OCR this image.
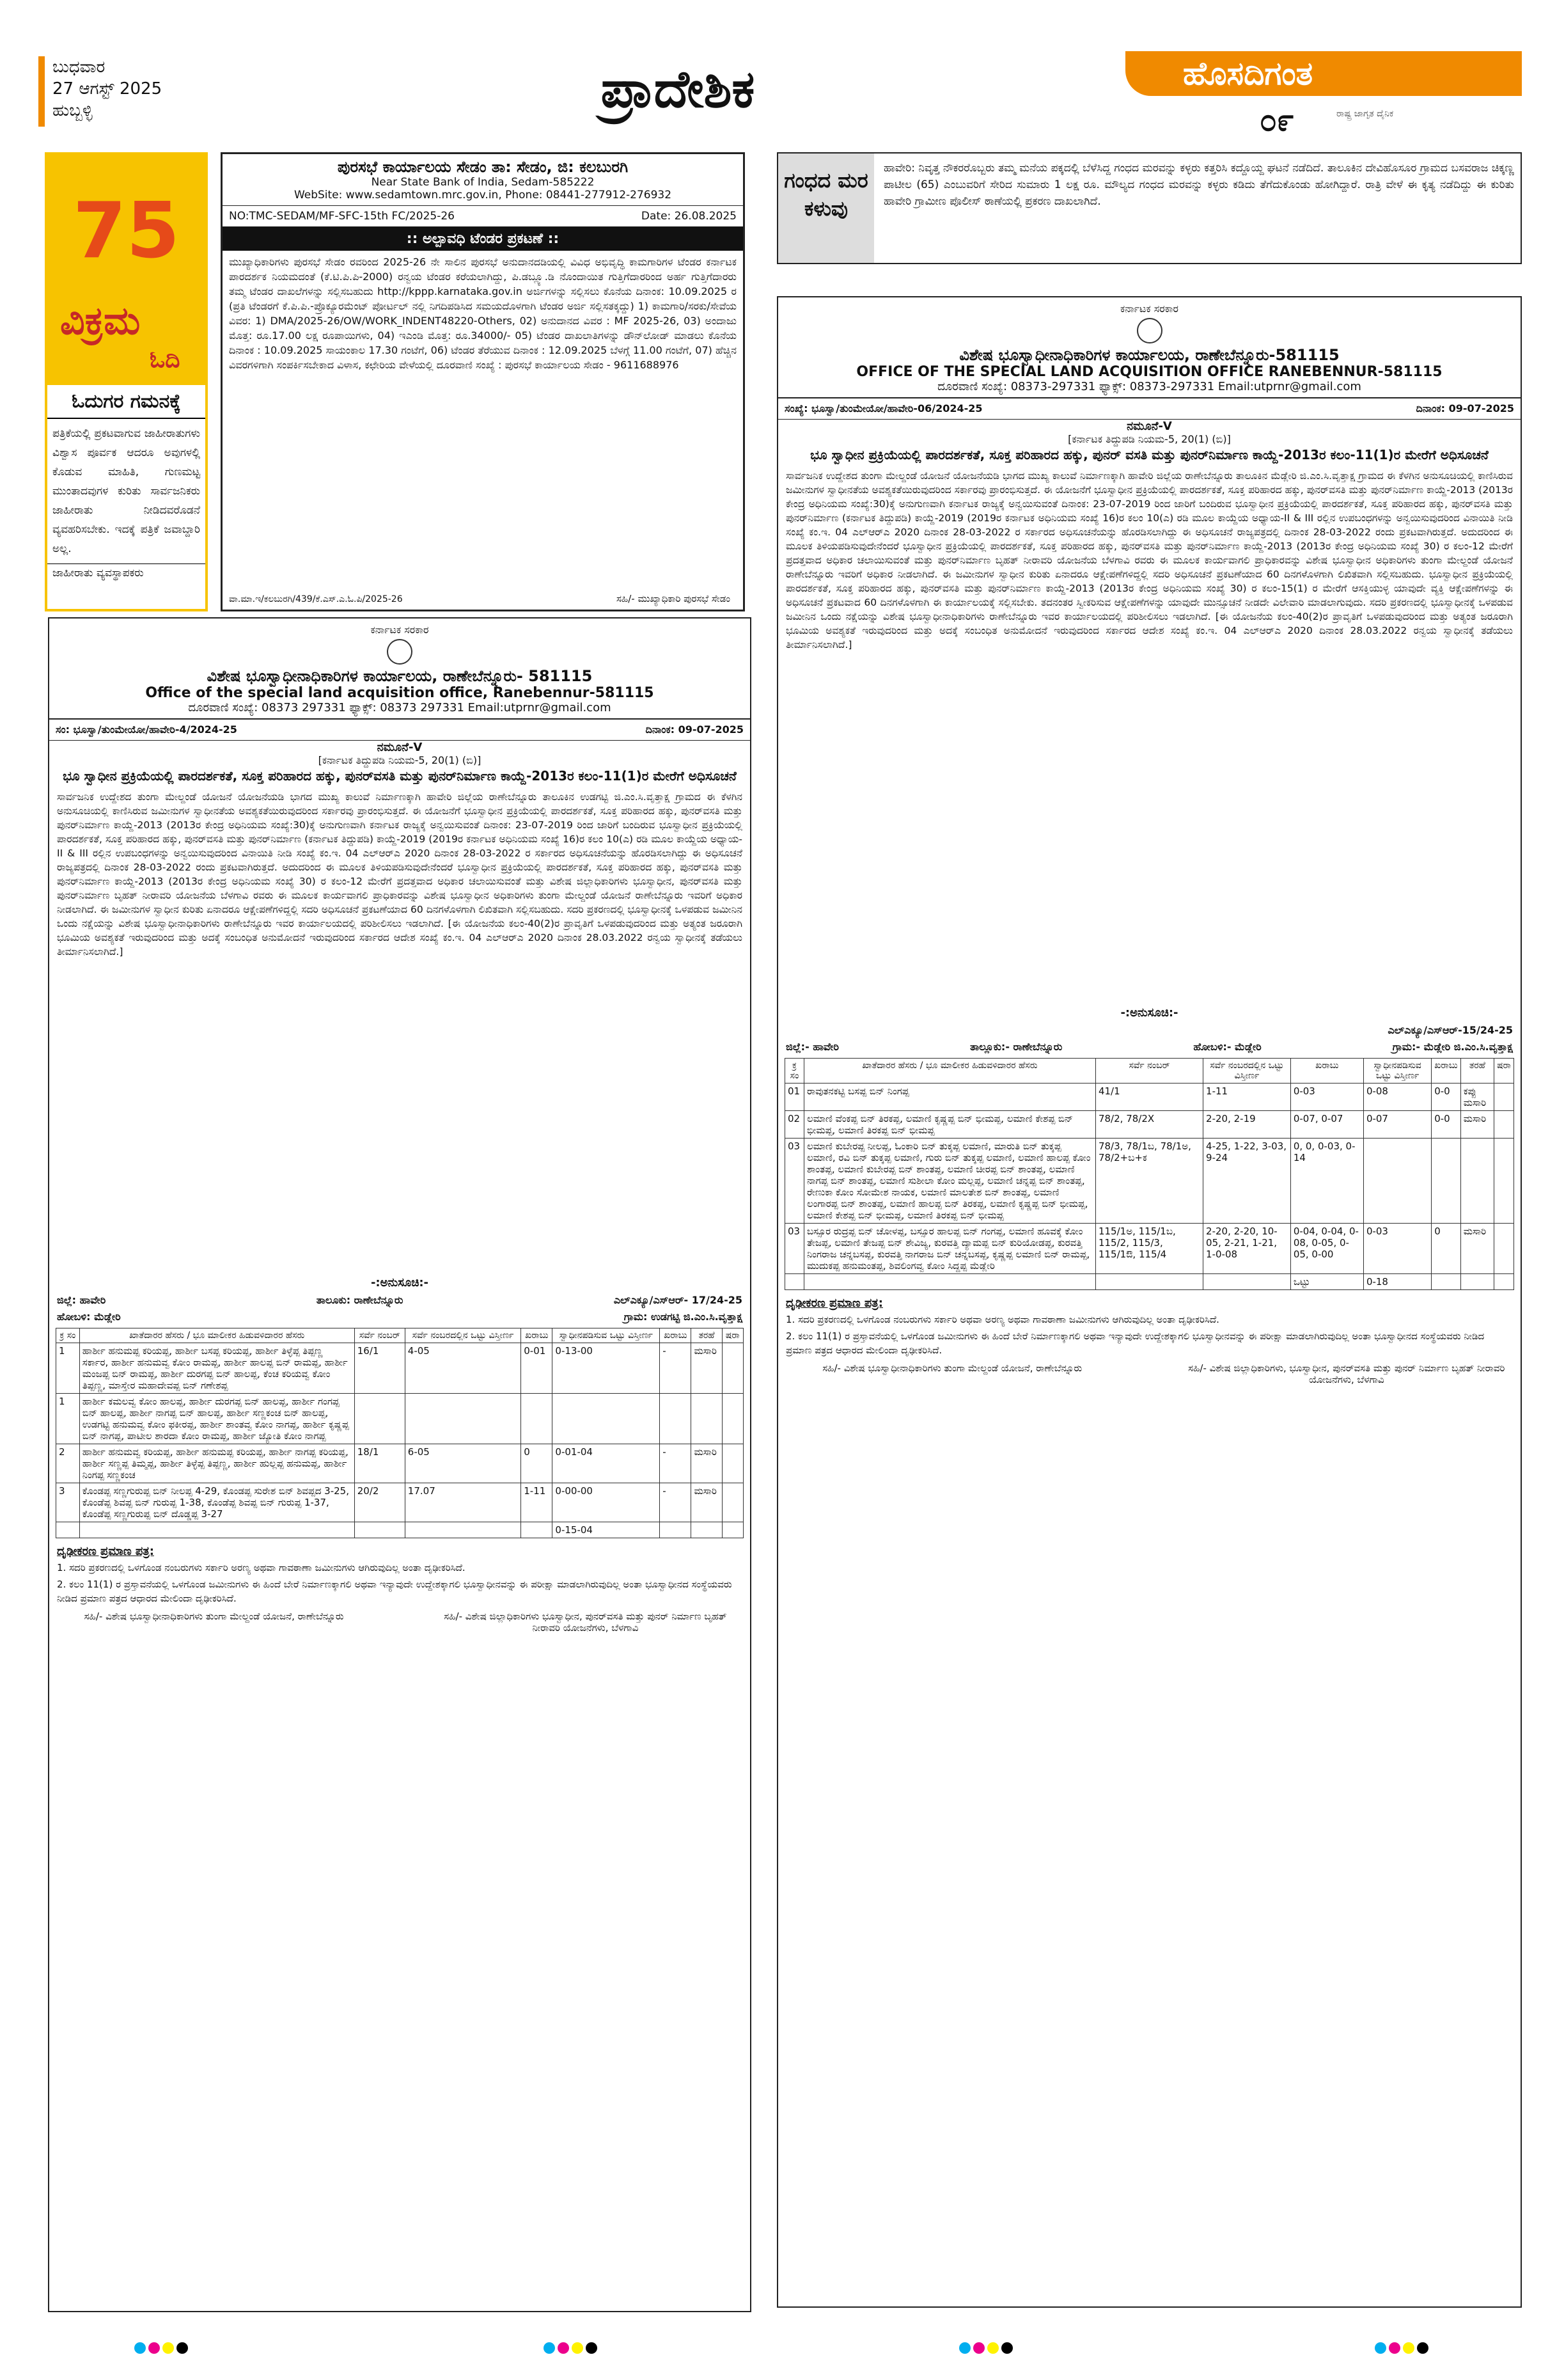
ಬುಧವಾರ
27 ಆಗಸ್ಟ್ 2025
ಹುಬ್ಬಳ್ಳಿ	ಪ್ರಾದೇಶಿಕ	ಹೊಸದಿಗಂತ
೦೯	ರಾಷ್ಟ್ರ ಜಾಗೃತ ದೈನಿಕ
75
ವಿಕ್ರಮ
ಓದಿ
ಓದುಗರ ಗಮನಕ್ಕೆ
ಪತ್ರಿಕೆಯಲ್ಲಿ ಪ್ರಕಟವಾಗುವ ಜಾಹೀರಾತುಗಳು ವಿಶ್ವಾಸ ಪೂರ್ವಕ ಆದರೂ ಅವುಗಳಲ್ಲಿ ಕೊಡುವ ಮಾಹಿತಿ, ಗುಣಮಟ್ಟ ಮುಂತಾದವುಗಳ ಕುರಿತು ಸಾರ್ವಜನಿಕರು ಜಾಹೀರಾತು ನೀಡಿದವರೊಡನೆ ವ್ಯವಹರಿಸಬೇಕು. ಇದಕ್ಕೆ ಪತ್ರಿಕೆ ಜವಾಬ್ದಾರಿ ಅಲ್ಲ.
ಜಾಹೀರಾತು ವ್ಯವಸ್ಥಾಪಕರು
ಪುರಸಭೆ ಕಾರ್ಯಾಲಯ ಸೇಡಂ ತಾ: ಸೇಡಂ, ಜಿ: ಕಲಬುರಗಿ
Near State Bank of India, Sedam-585222
WebSite: www.sedamtown.mrc.gov.in, Phone: 08441-277912-276932
NO:TMC-SEDAM/MF-SFC-15th FC/2025-26	Date: 26.08.2025
:: ಅಲ್ಪಾವಧಿ ಟೆಂಡರ ಪ್ರಕಟಣೆ ::
ಮುಖ್ಯಾಧಿಕಾರಿಗಳು ಪುರಸಭೆ ಸೇಡಂ ರವರಿಂದ 2025-26 ನೇ ಸಾಲಿನ ಪುರಸಭೆ ಅನುದಾನದಡಿಯಲ್ಲಿ ವಿವಿಧ ಅಭಿವೃದ್ಧಿ ಕಾಮಗಾರಿಗಳ ಟೆಂಡರ ಕರ್ನಾಟಕ ಪಾರದರ್ಶಕ ನಿಯಮದಂತೆ (ಕೆ.ಟಿ.ಪಿ.ಪಿ-2000) ರನ್ವಯ ಟೆಂಡರ ಕರೆಯಲಾಗಿದ್ದು, ಪಿ.ಡಬ್ಲ್ಯೂ.ಡಿ ನೊಂದಾಯಿತ ಗುತ್ತಿಗೆದಾರರಿಂದ ಅರ್ಹ ಗುತ್ತಿಗೆದಾರರು ತಮ್ಮ ಟೆಂಡರ ದಾಖಲೆಗಳನ್ನು ಸಲ್ಲಿಸಬಹುದು http://kppp.karnataka.gov.in ಅರ್ಜಿಗಳನ್ನು ಸಲ್ಲಿಸಲು ಕೊನೆಯ ದಿನಾಂಕ: 10.09.2025 ರ (ಪ್ರತಿ ಟೆಂಡರಗೆ ಕೆ.ಪಿ.ಪಿ.-ಪ್ರೊಕ್ಯೂರಮೆಂಟ್ ಪೋರ್ಟಲ್ ನಲ್ಲಿ ನಿಗದಿಪಡಿಸಿದ ಸಮಯದೊಳಗಾಗಿ ಟೆಂಡರ ಅರ್ಜಿ ಸಲ್ಲಿಸತಕ್ಕದ್ದು) 1) ಕಾಮಗಾರಿ/ಸರಕು/ಸೇವೆಯ ವಿವರ: 1) DMA/2025-26/OW/WORK_INDENT48220-Others, 02) ಅನುದಾನದ ವಿವರ : MF 2025-26, 03) ಅಂದಾಜು ಮೊತ್ತ: ರೂ.17.00 ಲಕ್ಷ ರೂಪಾಯಿಗಳು, 04) ಇಎಂಡಿ ಮೊತ್ತ: ರೂ.34000/- 05) ಟೆಂಡರ ದಾಖಲಾತಿಗಳನ್ನು ಡೌನ್‌ಲೋಡ್ ಮಾಡಲು ಕೊನೆಯ ದಿನಾಂಕ : 10.09.2025 ಸಾಯಂಕಾಲ 17.30 ಗಂಟೆಗೆ, 06) ಟೆಂಡರ ತೆರೆಯುವ ದಿನಾಂಕ : 12.09.2025 ಬೆಳಗ್ಗೆ 11.00 ಗಂಟೆಗೆ, 07) ಹೆಚ್ಚಿನ ವಿವರಗಳಿಗಾಗಿ ಸಂಪರ್ಕಿಸಬೇಕಾದ ವಿಳಾಸ, ಕಛೇರಿಯ ವೇಳೆಯಲ್ಲಿ ದೂರವಾಣಿ ಸಂಖ್ಯೆ : ಪುರಸಭೆ ಕಾರ್ಯಾಲಯ ಸೇಡಂ - 9611688976
ವಾ.ಮಾ.ಇ/ಕಲಬುರಗಿ/439/ಕೆ.ಎಸ್.ಎ.ಓ.ಪಿ/2025-26	ಸಹಿ/- ಮುಖ್ಯಾಧಿಕಾರಿ ಪುರಸಭೆ ಸೇಡಂ
ಗಂಧದ ಮರ ಕಳುವು
ಹಾವೇರಿ: ನಿವೃತ್ತ ನೌಕರರೊಬ್ಬರು ತಮ್ಮ ಮನೆಯ ಪಕ್ಕದಲ್ಲಿ ಬೆಳೆಸಿದ್ದ ಗಂಧದ ಮರವನ್ನು ಕಳ್ಳರು ಕತ್ತರಿಸಿ ಕದ್ದೊಯ್ದ ಘಟನೆ ನಡೆದಿದೆ. ತಾಲೂಕಿನ ದೇವಿಹೊಸೂರ ಗ್ರಾಮದ ಬಸವರಾಜ ಚಿಕ್ಕಣ್ಣ ಪಾಟೀಲ (65) ಎಂಬುವರಿಗೆ ಸೇರಿದ ಸುಮಾರು 1 ಲಕ್ಷ ರೂ. ಮೌಲ್ಯದ ಗಂಧದ ಮರವನ್ನು ಕಳ್ಳರು ಕಡಿದು ತೆಗೆದುಕೊಂಡು ಹೋಗಿದ್ದಾರೆ. ರಾತ್ರಿ ವೇಳೆ ಈ ಕೃತ್ಯ ನಡೆದಿದ್ದು ಈ ಕುರಿತು ಹಾವೇರಿ ಗ್ರಾಮೀಣ ಪೊಲೀಸ್ ಠಾಣೆಯಲ್ಲಿ ಪ್ರಕರಣ ದಾಖಲಾಗಿದೆ.
ಕರ್ನಾಟಕ ಸರಕಾರ
ವಿಶೇಷ ಭೂಸ್ವಾಧೀನಾಧಿಕಾರಿಗಳ ಕಾರ್ಯಾಲಯ, ರಾಣೇಬೆನ್ನೂರು-581115
OFFICE OF THE SPECIAL LAND ACQUISITION OFFICE RANEBENNUR-581115
ದೂರವಾಣಿ ಸಂಖ್ಯೆ: 08373-297331 ಫ್ಯಾಕ್ಸ್: 08373-297331 Email:utprnr@gmail.com
ಸಂಖ್ಯೆ: ಭೂಸ್ವಾ/ತುಂಮೇಯೋ/ಹಾವೇರಿ-06/2024-25	ದಿನಾಂಕ: 09-07-2025
ನಮೂನೆ-V
[ಕರ್ನಾಟಕ ತಿದ್ದುಪಡಿ ನಿಯಮ-5, 20(1) (ಬಿ)]
ಭೂ ಸ್ವಾಧೀನ ಪ್ರಕ್ರಿಯೆಯಲ್ಲಿ ಪಾರದರ್ಶಕತೆ, ಸೂಕ್ತ ಪರಿಹಾರದ ಹಕ್ಕು, ಪುನರ್ ವಸತಿ ಮತ್ತು ಪುನರ್‌ನಿರ್ಮಾಣ ಕಾಯ್ದೆ-2013ರ ಕಲಂ-11(1)ರ ಮೇರೆಗೆ ಅಧಿಸೂಚನೆ
ಸಾರ್ವಜನಿಕ ಉದ್ದೇಶದ ತುಂಗಾ ಮೇಲ್ದಂಡೆ ಯೋಜನೆ ಯೋಜನೆಯಡಿ ಭಾಗದ ಮುಖ್ಯ ಕಾಲುವೆ ನಿರ್ಮಾಣಕ್ಕಾಗಿ ಹಾವೇರಿ ಜಿಲ್ಲೆಯ ರಾಣೇಬೆನ್ನೂರು ತಾಲೂಕಿನ ಮೆಡ್ಲೇರಿ ಜಿ.ಎಂ.ಸಿ.ವೃತ್ತಾಕ್ಷ ಗ್ರಾಮದ ಈ ಕೆಳಗಿನ ಅನುಸೂಚಿಯಲ್ಲಿ ಕಾಣಿಸಿರುವ ಜಮೀನುಗಳ ಸ್ವಾಧೀನತೆಯ ಅವಶ್ಯಕತೆಯಿರುವುದರಿಂದ ಸರ್ಕಾರವು ಪ್ರಾರಂಭಿಸುತ್ತದೆ. ಈ ಯೋಜನೆಗೆ ಭೂಸ್ವಾಧೀನ ಪ್ರಕ್ರಿಯೆಯಲ್ಲಿ ಪಾರದರ್ಶಕತೆ, ಸೂಕ್ತ ಪರಿಹಾರದ ಹಕ್ಕು, ಪುನರ್‌ವಸತಿ ಮತ್ತು ಪುನರ್‌ನಿರ್ಮಾಣ ಕಾಯ್ದೆ-2013 (2013ರ ಕೇಂದ್ರ ಅಧಿನಿಯಮ ಸಂಖ್ಯೆ:30)ಕ್ಕೆ ಅನುಗುಣವಾಗಿ ಕರ್ನಾಟಕ ರಾಜ್ಯಕ್ಕೆ ಅನ್ವಯಿಸುವಂತೆ ದಿನಾಂಕ: 23-07-2019 ರಿಂದ ಜಾರಿಗೆ ಬಂದಿರುವ ಭೂಸ್ವಾಧೀನ ಪ್ರಕ್ರಿಯೆಯಲ್ಲಿ ಪಾರದರ್ಶಕತೆ, ಸೂಕ್ತ ಪರಿಹಾರದ ಹಕ್ಕು, ಪುನರ್‌ವಸತಿ ಮತ್ತು ಪುನರ್‌ನಿರ್ಮಾಣ (ಕರ್ನಾಟಕ ತಿದ್ದುಪಡಿ) ಕಾಯ್ದೆ-2019 (2019ರ ಕರ್ನಾಟಕ ಅಧಿನಿಯಮ ಸಂಖ್ಯೆ 16)ರ ಕಲಂ 10(ಎ) ರಡಿ ಮೂಲ ಕಾಯ್ದೆಯ ಅಧ್ಯಾಯ-II & III ರಲ್ಲಿನ ಉಪಬಂಧಗಳನ್ನು ಅನ್ವಯಿಸುವುದರಿಂದ ವಿನಾಯಿತಿ ನೀಡಿ ಸಂಖ್ಯೆ ಕಂ.ಇ. 04 ಎಲ್‌ಆರ್‌ಎ 2020 ದಿನಾಂಕ 28-03-2022 ರ ಸರ್ಕಾರದ ಅಧಿಸೂಚನೆಯನ್ನು ಹೊರಡಿಸಲಾಗಿದ್ದು ಈ ಅಧಿಸೂಚನೆ ರಾಜ್ಯಪತ್ರದಲ್ಲಿ ದಿನಾಂಕ 28-03-2022 ರಂದು ಪ್ರಕಟವಾಗಿರುತ್ತದೆ. ಅದುದರಿಂದ ಈ ಮೂಲಕ ತಿಳಿಯಪಡಿಸುವುದೇನೆಂದರೆ ಭೂಸ್ವಾಧೀನ ಪ್ರಕ್ರಿಯೆಯಲ್ಲಿ ಪಾರದರ್ಶಕತೆ, ಸೂಕ್ತ ಪರಿಹಾರದ ಹಕ್ಕು, ಪುನರ್‌ವಸತಿ ಮತ್ತು ಪುನರ್‌ನಿರ್ಮಾಣ ಕಾಯ್ದೆ-2013 (2013ರ ಕೇಂದ್ರ ಅಧಿನಿಯಮ ಸಂಖ್ಯೆ 30) ರ ಕಲಂ-12 ಮೇರೆಗೆ ಪ್ರದತ್ತವಾದ ಅಧಿಕಾರ ಚಲಾಯಿಸುವಂತೆ ಮತ್ತು ಪುನರ್‌ನಿರ್ಮಾಣ ಬೃಹತ್ ನೀರಾವರಿ ಯೋಜನೆಯ ಬೆಳಗಾವಿ ರವರು ಈ ಮೂಲಕ ಕಾರ್ಯವಾಗಲಿ ಪ್ರಾಧಿಕಾರವನ್ನು ವಿಶೇಷ ಭೂಸ್ವಾಧೀನ ಅಧಿಕಾರಿಗಳು ತುಂಗಾ ಮೇಲ್ದಂಡೆ ಯೋಜನೆ ರಾಣೇಬೆನ್ನೂರು ಇವರಿಗೆ ಅಧಿಕಾರ ನೀಡಲಾಗಿದೆ. ಈ ಜಮೀನುಗಳ ಸ್ವಾಧೀನ ಕುರಿತು ಏನಾದರೂ ಆಕ್ಷೇಪಣೆಗಳಿದ್ದಲ್ಲಿ ಸದರಿ ಅಧಿಸೂಚನೆ ಪ್ರಕಟಣೆಯಾದ 60 ದಿನಗಳೊಳಗಾಗಿ ಲಿಖಿತವಾಗಿ ಸಲ್ಲಿಸಬಹುದು. ಭೂಸ್ವಾಧೀನ ಪ್ರಕ್ರಿಯೆಯಲ್ಲಿ ಪಾರದರ್ಶಕತೆ, ಸೂಕ್ತ ಪರಿಹಾರದ ಹಕ್ಕು, ಪುನರ್‌ವಸತಿ ಮತ್ತು ಪುನರ್‌ನಿರ್ಮಾಣ ಕಾಯ್ದೆ-2013 (2013ರ ಕೇಂದ್ರ ಅಧಿನಿಯಮ ಸಂಖ್ಯೆ 30) ರ ಕಲಂ-15(1) ರ ಮೇರೆಗೆ ಆಸಕ್ತಿಯುಳ್ಳ ಯಾವುದೇ ವ್ಯಕ್ತಿ ಆಕ್ಷೇಪಣೆಗಳನ್ನು ಈ ಅಧಿಸೂಚನೆ ಪ್ರಕಟವಾದ 60 ದಿನಗಳೊಳಗಾಗಿ ಈ ಕಾರ್ಯಾಲಯಕ್ಕೆ ಸಲ್ಲಿಸಬೇಕು. ತದನಂತರ ಸ್ವೀಕರಿಸುವ ಆಕ್ಷೇಪಣೆಗಳನ್ನು ಯಾವುದೇ ಮುನ್ಸೂಚನೆ ನೀಡದೇ ವಿಲೇವಾರಿ ಮಾಡಲಾಗುವುದು. ಸದರಿ ಪ್ರಕರಣದಲ್ಲಿ ಭೂಸ್ವಾಧೀನಕ್ಕೆ ಒಳಪಡುವ ಜಮೀನಿನ ಒಂದು ನಕ್ಷೆಯನ್ನು ವಿಶೇಷ ಭೂಸ್ವಾಧೀನಾಧಿಕಾರಿಗಳು ರಾಣೇಬೆನ್ನೂರು ಇವರ ಕಾರ್ಯಾಲಯದಲ್ಲಿ ಪರಿಶೀಲಿಸಲು ಇಡಲಾಗಿದೆ. [ಈ ಯೋಜನೆಯ ಕಲಂ-40(2)ರ ಪ್ರಾವೃತಿಗೆ ಒಳಪಡುವುದರಿಂದ ಮತ್ತು ಅತ್ಯಂತ ಜರೂರಾಗಿ ಭೂಮಿಯ ಅವಶ್ಯಕತೆ ಇರುವುದರಿಂದ ಮತ್ತು ಅದಕ್ಕೆ ಸಂಬಂಧಿತ ಅನುಮೋದನೆ ಇರುವುದರಿಂದ ಸರ್ಕಾರದ ಆದೇಶ ಸಂಖ್ಯೆ ಕಂ.ಇ. 04 ಎಲ್‌ಆರ್‌ಎ 2020 ದಿನಾಂಕ 28.03.2022 ರನ್ವಯ ಸ್ವಾಧೀನಕ್ಕೆ ತಡೆಯಲು ತೀರ್ಮಾನಿಸಲಾಗಿದೆ.]
-:ಅನುಸೂಚಿ:-
ಎಲ್‌ಎಕ್ಯೂ/ಎಸ್‌ಆರ್-15/24-25
ಜಿಲ್ಲೆ:- ಹಾವೇರಿ	ತಾಲ್ಲೂಕು:- ರಾಣೇಬೆನ್ನೂರು	ಹೋಬಳಿ:- ಮೆಡ್ಲೇರಿ	ಗ್ರಾಮ:- ಮೆಡ್ಲೇರಿ ಜಿ.ಎಂ.ಸಿ.ವೃತ್ತಾಕ್ಷ
ಕ್ರ ಸಂ	ಖಾತೆದಾರರ ಹೆಸರು / ಭೂ ಮಾಲೀಕರ ಹಿಡುವಳಿದಾರರ ಹೆಸರು	ಸರ್ವೆ ನಂಬರ್	ಸರ್ವೆ ನಂಬರದಲ್ಲಿನ ಒಟ್ಟು ವಿಸ್ತೀರ್ಣ	ಖರಾಬು	ಸ್ವಾಧೀನಪಡಿಸುವ ಒಟ್ಟು ವಿಸ್ತೀರ್ಣ	ಖರಾಬು	ತರಹೆ	ಷರಾ
01	ರಾವುತನಕಟ್ಟಿ ಬಸಪ್ಪ ಬಿನ್ ನಿಂಗಪ್ಪ	41/1	1-11	0-03	0-08	0-0	ಕಪ್ಪು ಮಸಾರಿ	
02	ಲಮಾಣಿ ವೆಂಕಪ್ಪ ಬಿನ್ ತಿರಕಪ್ಪ, ಲಮಾಣಿ ಕೃಷ್ಣಪ್ಪ ಬಿನ್ ಭೀಮಪ್ಪ, ಲಮಾಣಿ ಕೇಶಪ್ಪ ಬಿನ್ ಭೀಮಪ್ಪ, ಲಮಾಣಿ ತಿರಕಪ್ಪ ಬಿನ್ ಭೀಮಪ್ಪ	78/2, 78/2X	2-20, 2-19	0-07, 0-07	0-07	0-0	ಮಸಾರಿ	
03	ಲಮಾಣಿ ಕುಬೇರಪ್ಪ ನೀಲಪ್ಪ, ಓಂಕಾರಿ ಬಿನ್ ತುಕ್ಕಪ್ಪ ಲಮಾಣಿ, ಮಾರುತಿ ಬಿನ್ ತುಕ್ಕಪ್ಪ ಲಮಾಣಿ, ರವಿ ಬಿನ್ ತುಕ್ಕಪ್ಪ ಲಮಾಣಿ, ಗುರು ಬಿನ್ ತುಕ್ಕಪ್ಪ ಲಮಾಣಿ, ಲಮಾಣಿ ಹಾಲಪ್ಪ ಕೋಂ ಶಾಂತಪ್ಪ, ಲಮಾಣಿ ಕುಬೇರಪ್ಪ ಬಿನ್ ಶಾಂತಪ್ಪ, ಲಮಾಣಿ ಚೀರಪ್ಪ ಬಿನ್ ಶಾಂತಪ್ಪ, ಲಮಾಣಿ ನಾಗಪ್ಪ ಬಿನ್ ಶಾಂತಪ್ಪ, ಲಮಾಣಿ ಸುಶೀಲಾ ಕೋಂ ಮಲ್ಲಪ್ಪ, ಲಮಾಣಿ ಚನ್ನಪ್ಪ ಬಿನ್ ಶಾಂತಪ್ಪ, ರೇಣುಕಾ ಕೋಂ ಸೋಮೇಶ ನಾಯಕ, ಲಮಾಣಿ ಮಾಲತೇಶ ಬಿನ್ ಶಾಂತಪ್ಪ, ಲಮಾಣಿ ಲಂಗಾರಪ್ಪ ಬಿನ್ ಶಾಂತಪ್ಪ, ಲಮಾಣಿ ಹಾಲಪ್ಪ ಬಿನ್ ತಿರಕಪ್ಪ, ಲಮಾಣಿ ಕೃಷ್ಣಪ್ಪ ಬಿನ್ ಭೀಮಪ್ಪ, ಲಮಾಣಿ ಕೇಶಪ್ಪ ಬಿನ್ ಭೀಮಪ್ಪ, ಲಮಾಣಿ ತಿರಕಪ್ಪ ಬಿನ್ ಭೀಮಪ್ಪ	78/3, 78/1ಬ, 78/1ಅ, 78/2+ಬ+ಕ	4-25, 1-22, 3-03, 9-24	0, 0, 0-03, 0-14				
03	ಬಸ್ಸೂರ ರುದ್ರಪ್ಪ ಬಿನ್ ಚೋಳಪ್ಪ, ಬಸ್ಸೂರ ಹಾಲಪ್ಪ ಬಿನ್ ಗಂಗಪ್ಪ, ಲಮಾಣಿ ಹೂವಕ್ಕೆ ಕೋಂ ತೇಜಪ್ಪ, ಲಮಾಣಿ ತೇಜಪ್ಪ ಬಿನ್ ಶೇವಿಜ್ಯ, ಕುರವತ್ತಿ ದ್ಯಾಮಪ್ಪ ಬಿನ್ ಕುರಿಯೋಡಪ್ಪ, ಕುರವತ್ತಿ ನಿಂಗರಾಜ ಚನ್ನಬಸಪ್ಪ, ಕುರವತ್ತಿ ನಾಗರಾಜ ಬಿನ್ ಚನ್ನಬಸಪ್ಪ, ಕೃಷ್ಣಪ್ಪ ಲಮಾಣಿ ಬಿನ್ ರಾಮಪ್ಪ, ಮುದುಕಪ್ಪ ಹನುಮಂತಪ್ಪ, ಶಿವಲಿಂಗವ್ವ ಕೋಂ ಸಿದ್ದಪ್ಪ ಮೆಡ್ಲೇರಿ	115/1ಅ, 115/1ಬ, 115/2, 115/3, 115/1ಔ, 115/4	2-20, 2-20, 10-05, 2-21, 1-21, 1-0-08	0-04, 0-04, 0-08, 0-05, 0-05, 0-00	0-03	0	ಮಸಾರಿ	
				ಒಟ್ಟು	0-18			
ದೃಢೀಕರಣ ಪ್ರಮಾಣ ಪತ್ರ:
1. ಸದರಿ ಪ್ರಕರಣದಲ್ಲಿ ಒಳಗೊಂಡ ನಂಬರುಗಳು ಸರ್ಕಾರಿ ಅಥವಾ ಅರಣ್ಯ ಅಥವಾ ಗಾವಠಾಣಾ ಜಮೀನುಗಳು ಆಗಿರುವುದಿಲ್ಲ ಅಂತಾ ದೃಢೀಕರಿಸಿದೆ.
2. ಕಲಂ 11(1) ರ ಪ್ರಸ್ತಾವನೆಯಲ್ಲಿ ಒಳಗೊಂಡ ಜಮೀನುಗಳು ಈ ಹಿಂದೆ ಬೇರೆ ನಿರ್ಮಾಣಕ್ಕಾಗಲಿ ಅಥವಾ ಇನ್ಯಾವುದೇ ಉದ್ದೇಶಕ್ಕಾಗಲಿ ಭೂಸ್ವಾಧೀನವನ್ನು ಈ ಪರೀಕ್ಷಾ ಮಾಡಲಾಗಿರುವುದಿಲ್ಲ ಅಂತಾ ಭೂಸ್ವಾಧೀನದ ಸಂಸ್ಥೆಯವರು ನೀಡಿದ ಪ್ರಮಾಣ ಪತ್ರದ ಆಧಾರದ ಮೇಲಿಂದಾ ದೃಢೀಕರಿಸಿದೆ.
ಸಹಿ/- ವಿಶೇಷ ಭೂಸ್ವಾಧೀನಾಧಿಕಾರಿಗಳು ತುಂಗಾ ಮೇಲ್ದಂಡೆ ಯೋಜನೆ, ರಾಣೇಬೆನ್ನೂರು	ಸಹಿ/- ವಿಶೇಷ ಜಿಲ್ಲಾಧಿಕಾರಿಗಳು, ಭೂಸ್ವಾಧೀನ, ಪುನರ್‌ವಸತಿ ಮತ್ತು ಪುನರ್ ನಿರ್ಮಾಣ ಬೃಹತ್ ನೀರಾವರಿ ಯೋಜನೆಗಳು, ಬೆಳಗಾವಿ
ಕರ್ನಾಟಕ ಸರಕಾರ
ವಿಶೇಷ ಭೂಸ್ವಾಧೀನಾಧಿಕಾರಿಗಳ ಕಾರ್ಯಾಲಯ, ರಾಣೇಬೆನ್ನೂರು- 581115
Office of the special land acquisition office, Ranebennur-581115
ದೂರವಾಣಿ ಸಂಖ್ಯೆ: 08373 297331 ಫ್ಯಾಕ್ಸ್: 08373 297331 Email:utprnr@gmail.com
ಸಂ: ಭೂಸ್ವಾ/ತುಂಮೇಯೋ/ಹಾವೇರಿ-4/2024-25	ದಿನಾಂಕ: 09-07-2025
ನಮೂನೆ-V
[ಕರ್ನಾಟಕ ತಿದ್ದುಪಡಿ ನಿಯಮ-5, 20(1) (ಬಿ)]
ಭೂ ಸ್ವಾಧೀನ ಪ್ರಕ್ರಿಯೆಯಲ್ಲಿ ಪಾರದರ್ಶಕತೆ, ಸೂಕ್ತ ಪರಿಹಾರದ ಹಕ್ಕು, ಪುನರ್‌ವಸತಿ ಮತ್ತು ಪುನರ್‌ನಿರ್ಮಾಣ ಕಾಯ್ದೆ-2013ರ ಕಲಂ-11(1)ರ ಮೇರೆಗೆ ಅಧಿಸೂಚನೆ
ಸಾರ್ವಜನಿಕ ಉದ್ದೇಶದ ತುಂಗಾ ಮೇಲ್ದಂಡೆ ಯೋಜನೆ ಯೋಜನೆಯಡಿ ಭಾಗದ ಮುಖ್ಯ ಕಾಲುವೆ ನಿರ್ಮಾಣಕ್ಕಾಗಿ ಹಾವೇರಿ ಜಿಲ್ಲೆಯ ರಾಣೇಬೆನ್ನೂರು ತಾಲೂಕಿನ ಉಡಗಟ್ಟಿ ಜಿ.ಎಂ.ಸಿ.ವೃತ್ತಾಕ್ಷ ಗ್ರಾಮದ ಈ ಕೆಳಗಿನ ಅನುಸೂಚಿಯಲ್ಲಿ ಕಾಣಿಸಿರುವ ಜಮೀನುಗಳ ಸ್ವಾಧೀನತೆಯ ಅವಶ್ಯಕತೆಯಿರುವುದರಿಂದ ಸರ್ಕಾರವು ಪ್ರಾರಂಭಿಸುತ್ತದೆ. ಈ ಯೋಜನೆಗೆ ಭೂಸ್ವಾಧೀನ ಪ್ರಕ್ರಿಯೆಯಲ್ಲಿ ಪಾರದರ್ಶಕತೆ, ಸೂಕ್ತ ಪರಿಹಾರದ ಹಕ್ಕು, ಪುನರ್‌ವಸತಿ ಮತ್ತು ಪುನರ್‌ನಿರ್ಮಾಣ ಕಾಯ್ದೆ-2013 (2013ರ ಕೇಂದ್ರ ಅಧಿನಿಯಮ ಸಂಖ್ಯೆ:30)ಕ್ಕೆ ಅನುಗುಣವಾಗಿ ಕರ್ನಾಟಕ ರಾಜ್ಯಕ್ಕೆ ಅನ್ವಯಿಸುವಂತೆ ದಿನಾಂಕ: 23-07-2019 ರಿಂದ ಜಾರಿಗೆ ಬಂದಿರುವ ಭೂಸ್ವಾಧೀನ ಪ್ರಕ್ರಿಯೆಯಲ್ಲಿ ಪಾರದರ್ಶಕತೆ, ಸೂಕ್ತ ಪರಿಹಾರದ ಹಕ್ಕು, ಪುನರ್‌ವಸತಿ ಮತ್ತು ಪುನರ್‌ನಿರ್ಮಾಣ (ಕರ್ನಾಟಕ ತಿದ್ದುಪಡಿ) ಕಾಯ್ದೆ-2019 (2019ರ ಕರ್ನಾಟಕ ಅಧಿನಿಯಮ ಸಂಖ್ಯೆ 16)ರ ಕಲಂ 10(ಎ) ರಡಿ ಮೂಲ ಕಾಯ್ದೆಯ ಅಧ್ಯಾಯ-II & III ರಲ್ಲಿನ ಉಪಬಂಧಗಳನ್ನು ಅನ್ವಯಿಸುವುದರಿಂದ ವಿನಾಯಿತಿ ನೀಡಿ ಸಂಖ್ಯೆ ಕಂ.ಇ. 04 ಎಲ್‌ಆರ್‌ಎ 2020 ದಿನಾಂಕ 28-03-2022 ರ ಸರ್ಕಾರದ ಅಧಿಸೂಚನೆಯನ್ನು ಹೊರಡಿಸಲಾಗಿದ್ದು ಈ ಅಧಿಸೂಚನೆ ರಾಜ್ಯಪತ್ರದಲ್ಲಿ ದಿನಾಂಕ 28-03-2022 ರಂದು ಪ್ರಕಟವಾಗಿರುತ್ತದೆ. ಅದುದರಿಂದ ಈ ಮೂಲಕ ತಿಳಿಯಪಡಿಸುವುದೇನೆಂದರೆ ಭೂಸ್ವಾಧೀನ ಪ್ರಕ್ರಿಯೆಯಲ್ಲಿ ಪಾರದರ್ಶಕತೆ, ಸೂಕ್ತ ಪರಿಹಾರದ ಹಕ್ಕು, ಪುನರ್‌ವಸತಿ ಮತ್ತು ಪುನರ್‌ನಿರ್ಮಾಣ ಕಾಯ್ದೆ-2013 (2013ರ ಕೇಂದ್ರ ಅಧಿನಿಯಮ ಸಂಖ್ಯೆ 30) ರ ಕಲಂ-12 ಮೇರೆಗೆ ಪ್ರದತ್ತವಾದ ಅಧಿಕಾರ ಚಲಾಯಿಸುವಂತೆ ಮತ್ತು ವಿಶೇಷ ಜಿಲ್ಲಾಧಿಕಾರಿಗಳು ಭೂಸ್ವಾಧೀನ, ಪುನರ್‌ವಸತಿ ಮತ್ತು ಪುನರ್‌ನಿರ್ಮಾಣ ಬೃಹತ್ ನೀರಾವರಿ ಯೋಜನೆಯ ಬೆಳಗಾವಿ ರವರು ಈ ಮೂಲಕ ಕಾರ್ಯವಾಗಲಿ ಪ್ರಾಧಿಕಾರವನ್ನು ವಿಶೇಷ ಭೂಸ್ವಾಧೀನ ಅಧಿಕಾರಿಗಳು ತುಂಗಾ ಮೇಲ್ದಂಡೆ ಯೋಜನೆ ರಾಣೇಬೆನ್ನೂರು ಇವರಿಗೆ ಅಧಿಕಾರ ನೀಡಲಾಗಿದೆ. ಈ ಜಮೀನುಗಳ ಸ್ವಾಧೀನ ಕುರಿತು ಏನಾದರೂ ಆಕ್ಷೇಪಣೆಗಳಿದ್ದಲ್ಲಿ ಸದರಿ ಅಧಿಸೂಚನೆ ಪ್ರಕಟಣೆಯಾದ 60 ದಿನಗಳೊಳಗಾಗಿ ಲಿಖಿತವಾಗಿ ಸಲ್ಲಿಸಬಹುದು. ಸದರಿ ಪ್ರಕರಣದಲ್ಲಿ ಭೂಸ್ವಾಧೀನಕ್ಕೆ ಒಳಪಡುವ ಜಮೀನಿನ ಒಂದು ನಕ್ಷೆಯನ್ನು ವಿಶೇಷ ಭೂಸ್ವಾಧೀನಾಧಿಕಾರಿಗಳು ರಾಣೇಬೆನ್ನೂರು ಇವರ ಕಾರ್ಯಾಲಯದಲ್ಲಿ ಪರಿಶೀಲಿಸಲು ಇಡಲಾಗಿದೆ. [ಈ ಯೋಜನೆಯ ಕಲಂ-40(2)ರ ಪ್ರಾವೃತಿಗೆ ಒಳಪಡುವುದರಿಂದ ಮತ್ತು ಅತ್ಯಂತ ಜರೂರಾಗಿ ಭೂಮಿಯ ಅವಶ್ಯಕತೆ ಇರುವುದರಿಂದ ಮತ್ತು ಅದಕ್ಕೆ ಸಂಬಂಧಿತ ಅನುಮೋದನೆ ಇರುವುದರಿಂದ ಸರ್ಕಾರದ ಆದೇಶ ಸಂಖ್ಯೆ ಕಂ.ಇ. 04 ಎಲ್‌ಆರ್‌ಎ 2020 ದಿನಾಂಕ 28.03.2022 ರನ್ವಯ ಸ್ವಾಧೀನಕ್ಕೆ ತಡೆಯಲು ತೀರ್ಮಾನಿಸಲಾಗಿದೆ.]
-:ಅನುಸೂಚಿ:-
ಜಿಲ್ಲೆ: ಹಾವೇರಿ	ತಾಲೂಕು: ರಾಣೇಬೆನ್ನೂರು	ಎಲ್‌ಎಕ್ಯೂ/ಎಸ್‌ಆರ್- 17/24-25
ಹೋಬಳಿ: ಮೆಡ್ಲೇರಿ	ಗ್ರಾಮ: ಉಡಗಟ್ಟಿ ಜಿ.ಎಂ.ಸಿ.ವೃತ್ತಾಕ್ಷ
ಕ್ರ ಸಂ	ಖಾತೆದಾರರ ಹೆಸರು / ಭೂ ಮಾಲೀಕರ ಹಿಡುವಳಿದಾರರ ಹೆಸರು	ಸರ್ವೆ ನಂಬರ್	ಸರ್ವೆ ನಂಬರದಲ್ಲಿನ ಒಟ್ಟು ವಿಸ್ತೀರ್ಣ	ಖರಾಬು	ಸ್ವಾಧೀನಪಡಿಸುವ ಒಟ್ಟು ವಿಸ್ತೀರ್ಣ	ಖರಾಬು	ತರಹೆ	ಷರಾ
1	ಹಾರ್ಶೀ ಹನುಮಪ್ಪ ಕರಿಯಪ್ಪ, ಹಾರ್ಶೀ ಬಸಪ್ಪ ಕರಿಯಪ್ಪ, ಹಾರ್ಶೀ ತಿಳ್ಳೆಪ್ಪ ತಿಪ್ಪಣ್ಣ ಸರ್ಕಾರ, ಹಾರ್ಶೀ ಹನುಮವ್ವ ಕೋಂ ರಾಮಪ್ಪ, ಹಾರ್ಶೀ ಹಾಲಪ್ಪ ಬಿನ್ ರಾಮಪ್ಪ, ಹಾರ್ಶೀ ಮಂಜಪ್ಪ ಬಿನ್ ರಾಮಪ್ಪ, ಹಾರ್ಶೀ ದುರಗಪ್ಪ ಬಿನ್ ಹಾಲಪ್ಪ, ಕೆಂಚ ಕರಿಯವ್ವ ಕೋಂ ತಿಪ್ಪಣ್ಣ, ಮಾಸ್ತೇರ ಮಹಾದೇವಪ್ಪ ಬಿನ್ ಗಣೇಶಪ್ಪ	16/1	4-05	0-01	0-13-00	-	ಮಸಾರಿ	
1	ಹಾರ್ಶೀ ಕಮಲವ್ವ ಕೋಂ ಹಾಲಪ್ಪ, ಹಾರ್ಶೀ ದುರಗಪ್ಪ ಬಿನ್ ಹಾಲಪ್ಪ, ಹಾರ್ಶೀ ಗಂಗಪ್ಪ ಬಿನ್ ಹಾಲಪ್ಪ, ಹಾರ್ಶೀ ನಾಗಪ್ಪ ಬಿನ್ ಹಾಲಪ್ಪ, ಹಾರ್ಶೀ ಸಣ್ಣಕಂಚ ಬಿನ್ ಹಾಲಪ್ಪ, ಉಡಗಟ್ಟಿ ಹನುಮವ್ವ ಕೋಂ ಫಕೀರಪ್ಪ, ಹಾರ್ಶೀ ಶಾಂತವ್ವ ಕೋಂ ನಾಗಪ್ಪ, ಹಾರ್ಶೀ ಕೃಷ್ಣಪ್ಪ ಬಿನ್ ನಾಗಪ್ಪ, ಪಾಟೀಲ ಶಾರದಾ ಕೋಂ ರಾಮಪ್ಪ, ಹಾರ್ಶೀ ಜ್ಯೋತಿ ಕೋಂ ನಾಗಪ್ಪ							
2	ಹಾರ್ಶೀ ಹನುಮವ್ವ ಕರಿಯಪ್ಪ, ಹಾರ್ಶೀ ಹನುಮಪ್ಪ ಕರಿಯಪ್ಪ, ಹಾರ್ಶೀ ನಾಗಪ್ಪ ಕರಿಯಪ್ಪ, ಹಾರ್ಶೀ ಸಣ್ಣಪ್ಪ ತಿಮ್ಮಪ್ಪ, ಹಾರ್ಶೀ ತಿಳ್ಳೆಪ್ಪ ತಿಪ್ಪಣ್ಣ, ಹಾರ್ಶೀ ಹುಲ್ಲಪ್ಪ ಹನುಮಪ್ಪ, ಹಾರ್ಶೀ ನಿಂಗಪ್ಪ ಸಣ್ಣಕಂಚ	18/1	6-05	0	0-01-04	-	ಮಸಾರಿ	
3	ಕೊಂಡಪ್ಪ ಸಣ್ಣಗುರುಪ್ಪ ಬಿನ್ ನೀಲಪ್ಪ 4-29, ಕೊಂಡಪ್ಪ ಸುರೇಶ ಬಿನ್ ಶಿವಪ್ಪದ 3-25, ಕೊಂಡೆಪ್ಪ ಶಿವಪ್ಪ ಬಿನ್ ಗುರುಪ್ಪ 1-38, ಕೊಂಡೆಪ್ಪ ಶಿವಪ್ಪ ಬಿನ್ ಗುರುಪ್ಪ 1-37, ಕೊಂಡೆಪ್ಪ ಸಣ್ಣಗುರುಪ್ಪ ಬಿನ್ ದೊಡ್ಡಪ್ಪ 3-27	20/2	17.07	1-11	0-00-00	-	ಮಸಾರಿ	
					0-15-04			
ದೃಢೀಕರಣ ಪ್ರಮಾಣ ಪತ್ರ:
1. ಸದರಿ ಪ್ರಕರಣದಲ್ಲಿ ಒಳಗೊಂಡ ನಂಬರುಗಳು ಸರ್ಕಾರಿ ಅರಣ್ಯ ಅಥವಾ ಗಾವಠಾಣಾ ಜಮೀನುಗಳು ಆಗಿರುವುದಿಲ್ಲ ಅಂತಾ ದೃಢೀಕರಿಸಿದೆ.
2. ಕಲಂ 11(1) ರ ಪ್ರಸ್ತಾವನೆಯಲ್ಲಿ ಒಳಗೊಂಡ ಜಮೀನುಗಳು ಈ ಹಿಂದೆ ಬೇರೆ ನಿರ್ಮಾಣಕ್ಕಾಗಲಿ ಅಥವಾ ಇನ್ಯಾವುದೇ ಉದ್ದೇಶಕ್ಕಾಗಲಿ ಭೂಸ್ವಾಧೀನವನ್ನು ಈ ಪರೀಕ್ಷಾ ಮಾಡಲಾಗಿರುವುದಿಲ್ಲ ಅಂತಾ ಭೂಸ್ವಾಧೀನದ ಸಂಸ್ಥೆಯವರು ನೀಡಿದ ಪ್ರಮಾಣ ಪತ್ರದ ಆಧಾರದ ಮೇಲಿಂದಾ ದೃಢೀಕರಿಸಿದೆ.
ಸಹಿ/- ವಿಶೇಷ ಭೂಸ್ವಾಧೀನಾಧಿಕಾರಿಗಳು ತುಂಗಾ ಮೇಲ್ದಂಡೆ ಯೋಜನೆ, ರಾಣೇಬೆನ್ನೂರು	ಸಹಿ/- ವಿಶೇಷ ಜಿಲ್ಲಾಧಿಕಾರಿಗಳು ಭೂಸ್ವಾಧೀನ, ಪುನರ್‌ವಸತಿ ಮತ್ತು ಪುನರ್ ನಿರ್ಮಾಣ ಬೃಹತ್ ನೀರಾವರಿ ಯೋಜನೆಗಳು, ಬೆಳಗಾವಿ
